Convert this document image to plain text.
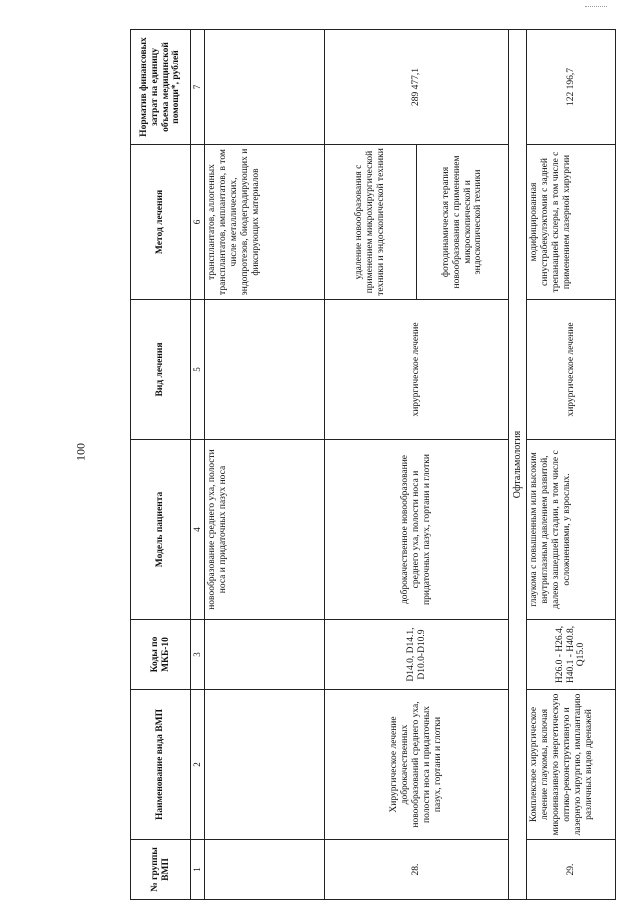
100
№ группы ВМП	Наименование вида ВМП	Коды по МКБ-10	Модель пациента	Вид лечения	Метод лечения	Норматив финансовых затрат на единицу объема медицинской помощи*, рублей
1	2	3	4	5	6	7
			новообразование среднего уха, полости носа и придаточных пазух носа		трансплантатов, аллогенных трансплантатов, имплантатов, в том числе металлических, эндопротезов, биодеградирующих и фиксирующих материалов	
28.	Хирургическое лечение доброкачественных новообразований среднего уха, полости носа и придаточных пазух, гортани и глотки	D14.0, D14.1, D10.0-D10.9	доброкачественное новообразование среднего уха, полости носа и придаточных пазух, гортани и глотки	хирургическое лечение	удаление новообразования с применением микрохирургической техники и эндоскопической техники	289 477,1
					фотодинамическая терапия новообразования с применением микроскопической и эндоскопической техники	
Офтальмология						
29.	Комплексное хирургическое лечение глаукомы, включая микроинвазивную энергетическую оптико-реконструктивную и лазерную хирургию, имплантацию различных видов дренажей	H26.0 - H26.4, H40.1 - H40.8, Q15.0	глаукома с повышенным или высоким внутриглазным давлением развитой, далеко зашедшей стадии, в том числе с осложнениями, у взрослых.	хирургическое лечение	модифицированная синустрабекулэктомия с задней трепанацией склеры, в том числе с применением лазерной хирургии	122 196,7
